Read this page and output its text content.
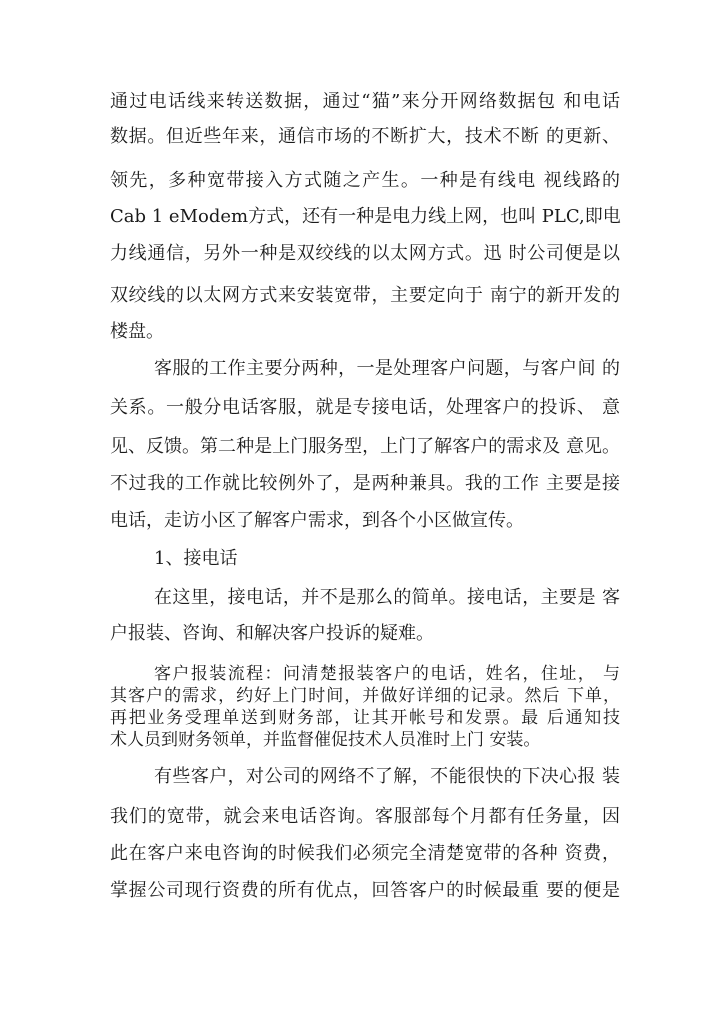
通过电话线来转送数据，通过“猫”来分开网络数据包 和电话
数据。但近些年来，通信市场的不断扩大，技术不断 的更新、
领先，多种宽带接入方式随之产生。一种是有线电 视线路的
Cab 1 eModem方式，还有一种是电力线上网，也叫 PLC,即电
力线通信，另外一种是双绞线的以太网方式。迅 时公司便是以
双绞线的以太网方式来安装宽带，主要定向于 南宁的新开发的
楼盘。
客服的工作主要分两种，一是处理客户问题，与客户间 的
关系。一般分电话客服，就是专接电话，处理客户的投诉、 意
见、反馈。第二种是上门服务型，上门了解客户的需求及 意见。
不过我的工作就比较例外了，是两种兼具。我的工作 主要是接
电话，走访小区了解客户需求，到各个小区做宣传。
1、接电话
在这里，接电话，并不是那么的简单。接电话，主要是 客
户报装、咨询、和解决客户投诉的疑难。
客户报装流程：问清楚报装客户的电话，姓名，住址， 与
其客户的需求，约好上门时间，并做好详细的记录。然后 下单，
再把业务受理单送到财务部，让其开帐号和发票。最 后通知技
术人员到财务领单，并监督催促技术人员准时上门 安装。
有些客户，对公司的网络不了解，不能很快的下决心报 装
我们的宽带，就会来电话咨询。客服部每个月都有任务量，因
此在客户来电咨询的时候我们必须完全清楚宽带的各种 资费，
掌握公司现行资费的所有优点，回答客户的时候最重 要的便是
